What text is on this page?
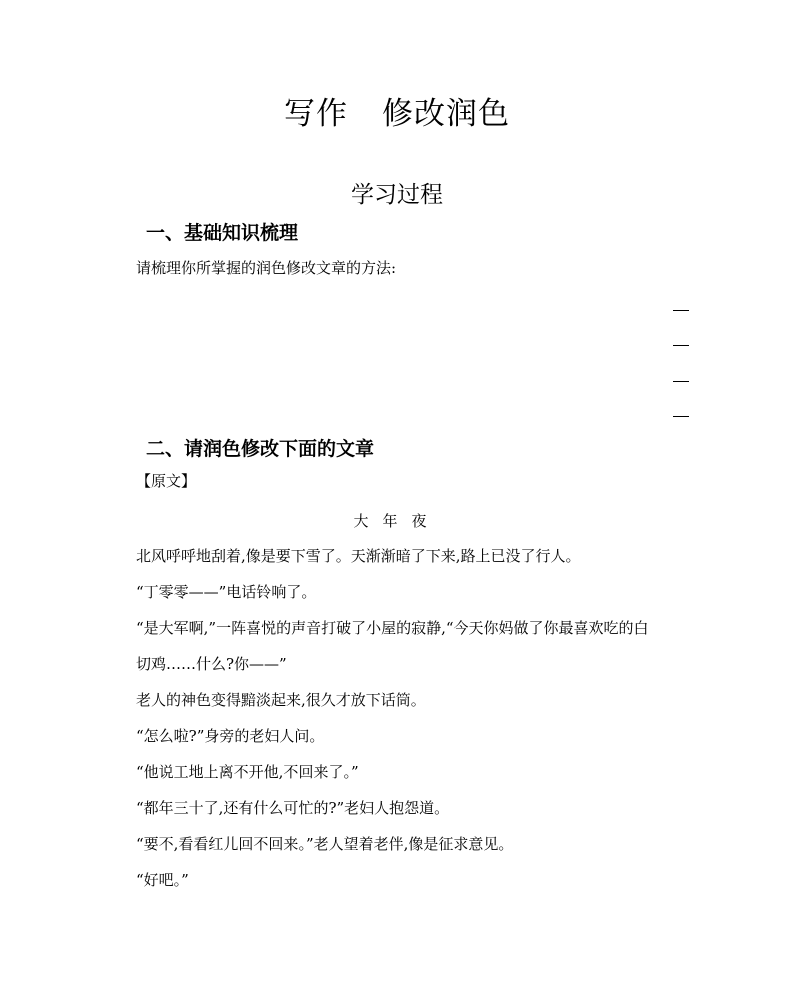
写作 修改润色
学习过程
一、基础知识梳理
请梳理你所掌握的润色修改文章的方法:
二、请润色修改下面的文章
【原文】
大年夜
北风呼呼地刮着,像是要下雪了。天渐渐暗了下来,路上已没了行人。
“丁零零——”电话铃响了。
“是大军啊,”一阵喜悦的声音打破了小屋的寂静,“今天你妈做了你最喜欢吃的白
切鸡……什么?你——”
老人的神色变得黯淡起来,很久才放下话筒。
“怎么啦?”身旁的老妇人问。
“他说工地上离不开他,不回来了。”
“都年三十了,还有什么可忙的?”老妇人抱怨道。
“要不,看看红儿回不回来。”老人望着老伴,像是征求意见。
“好吧。”
